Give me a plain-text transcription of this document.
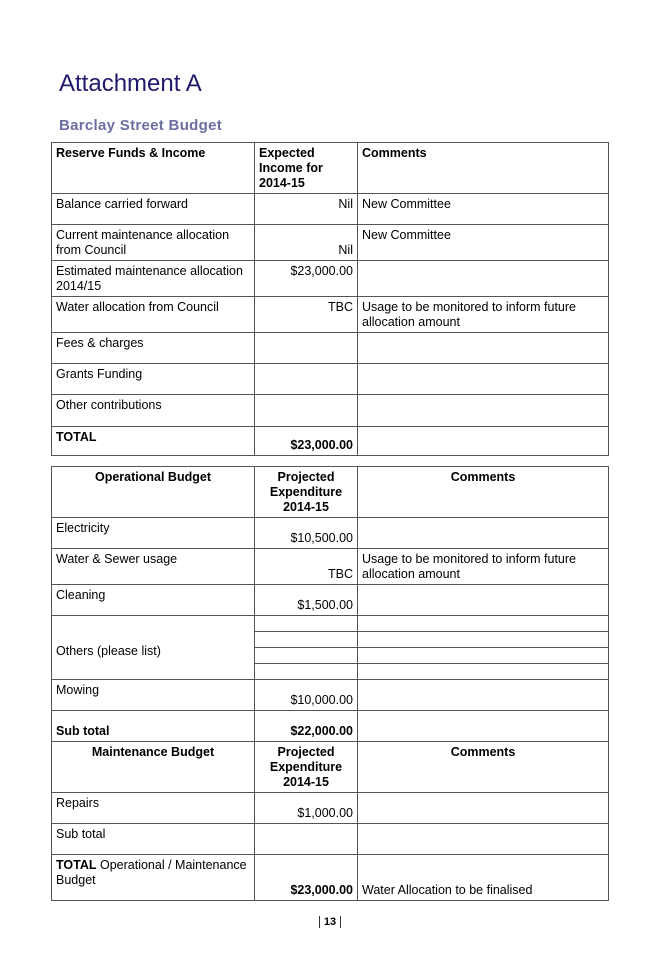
Attachment A
Barclay Street Budget
Reserve Funds & Income	Expected Income for 2014-15	Comments
Balance carried forward	Nil	New Committee
Current maintenance allocation from Council	Nil	New Committee
Estimated maintenance allocation 2014/15	$23,000.00	
Water allocation from Council	TBC	Usage to be monitored to inform future allocation amount
Fees & charges		
Grants Funding		
Other contributions		
TOTAL	$23,000.00	
Operational Budget	Projected Expenditure 2014-15	Comments
Electricity	$10,500.00	
Water & Sewer usage	TBC	Usage to be monitored to inform future allocation amount
Cleaning	$1,500.00	
Others (please list)		

Mowing	$10,000.00	
Sub total	$22,000.00	
Maintenance Budget	Projected Expenditure 2014-15	Comments
Repairs	$1,000.00	
Sub total		
TOTAL Operational / Maintenance Budget	$23,000.00	Water Allocation to be finalised
13
